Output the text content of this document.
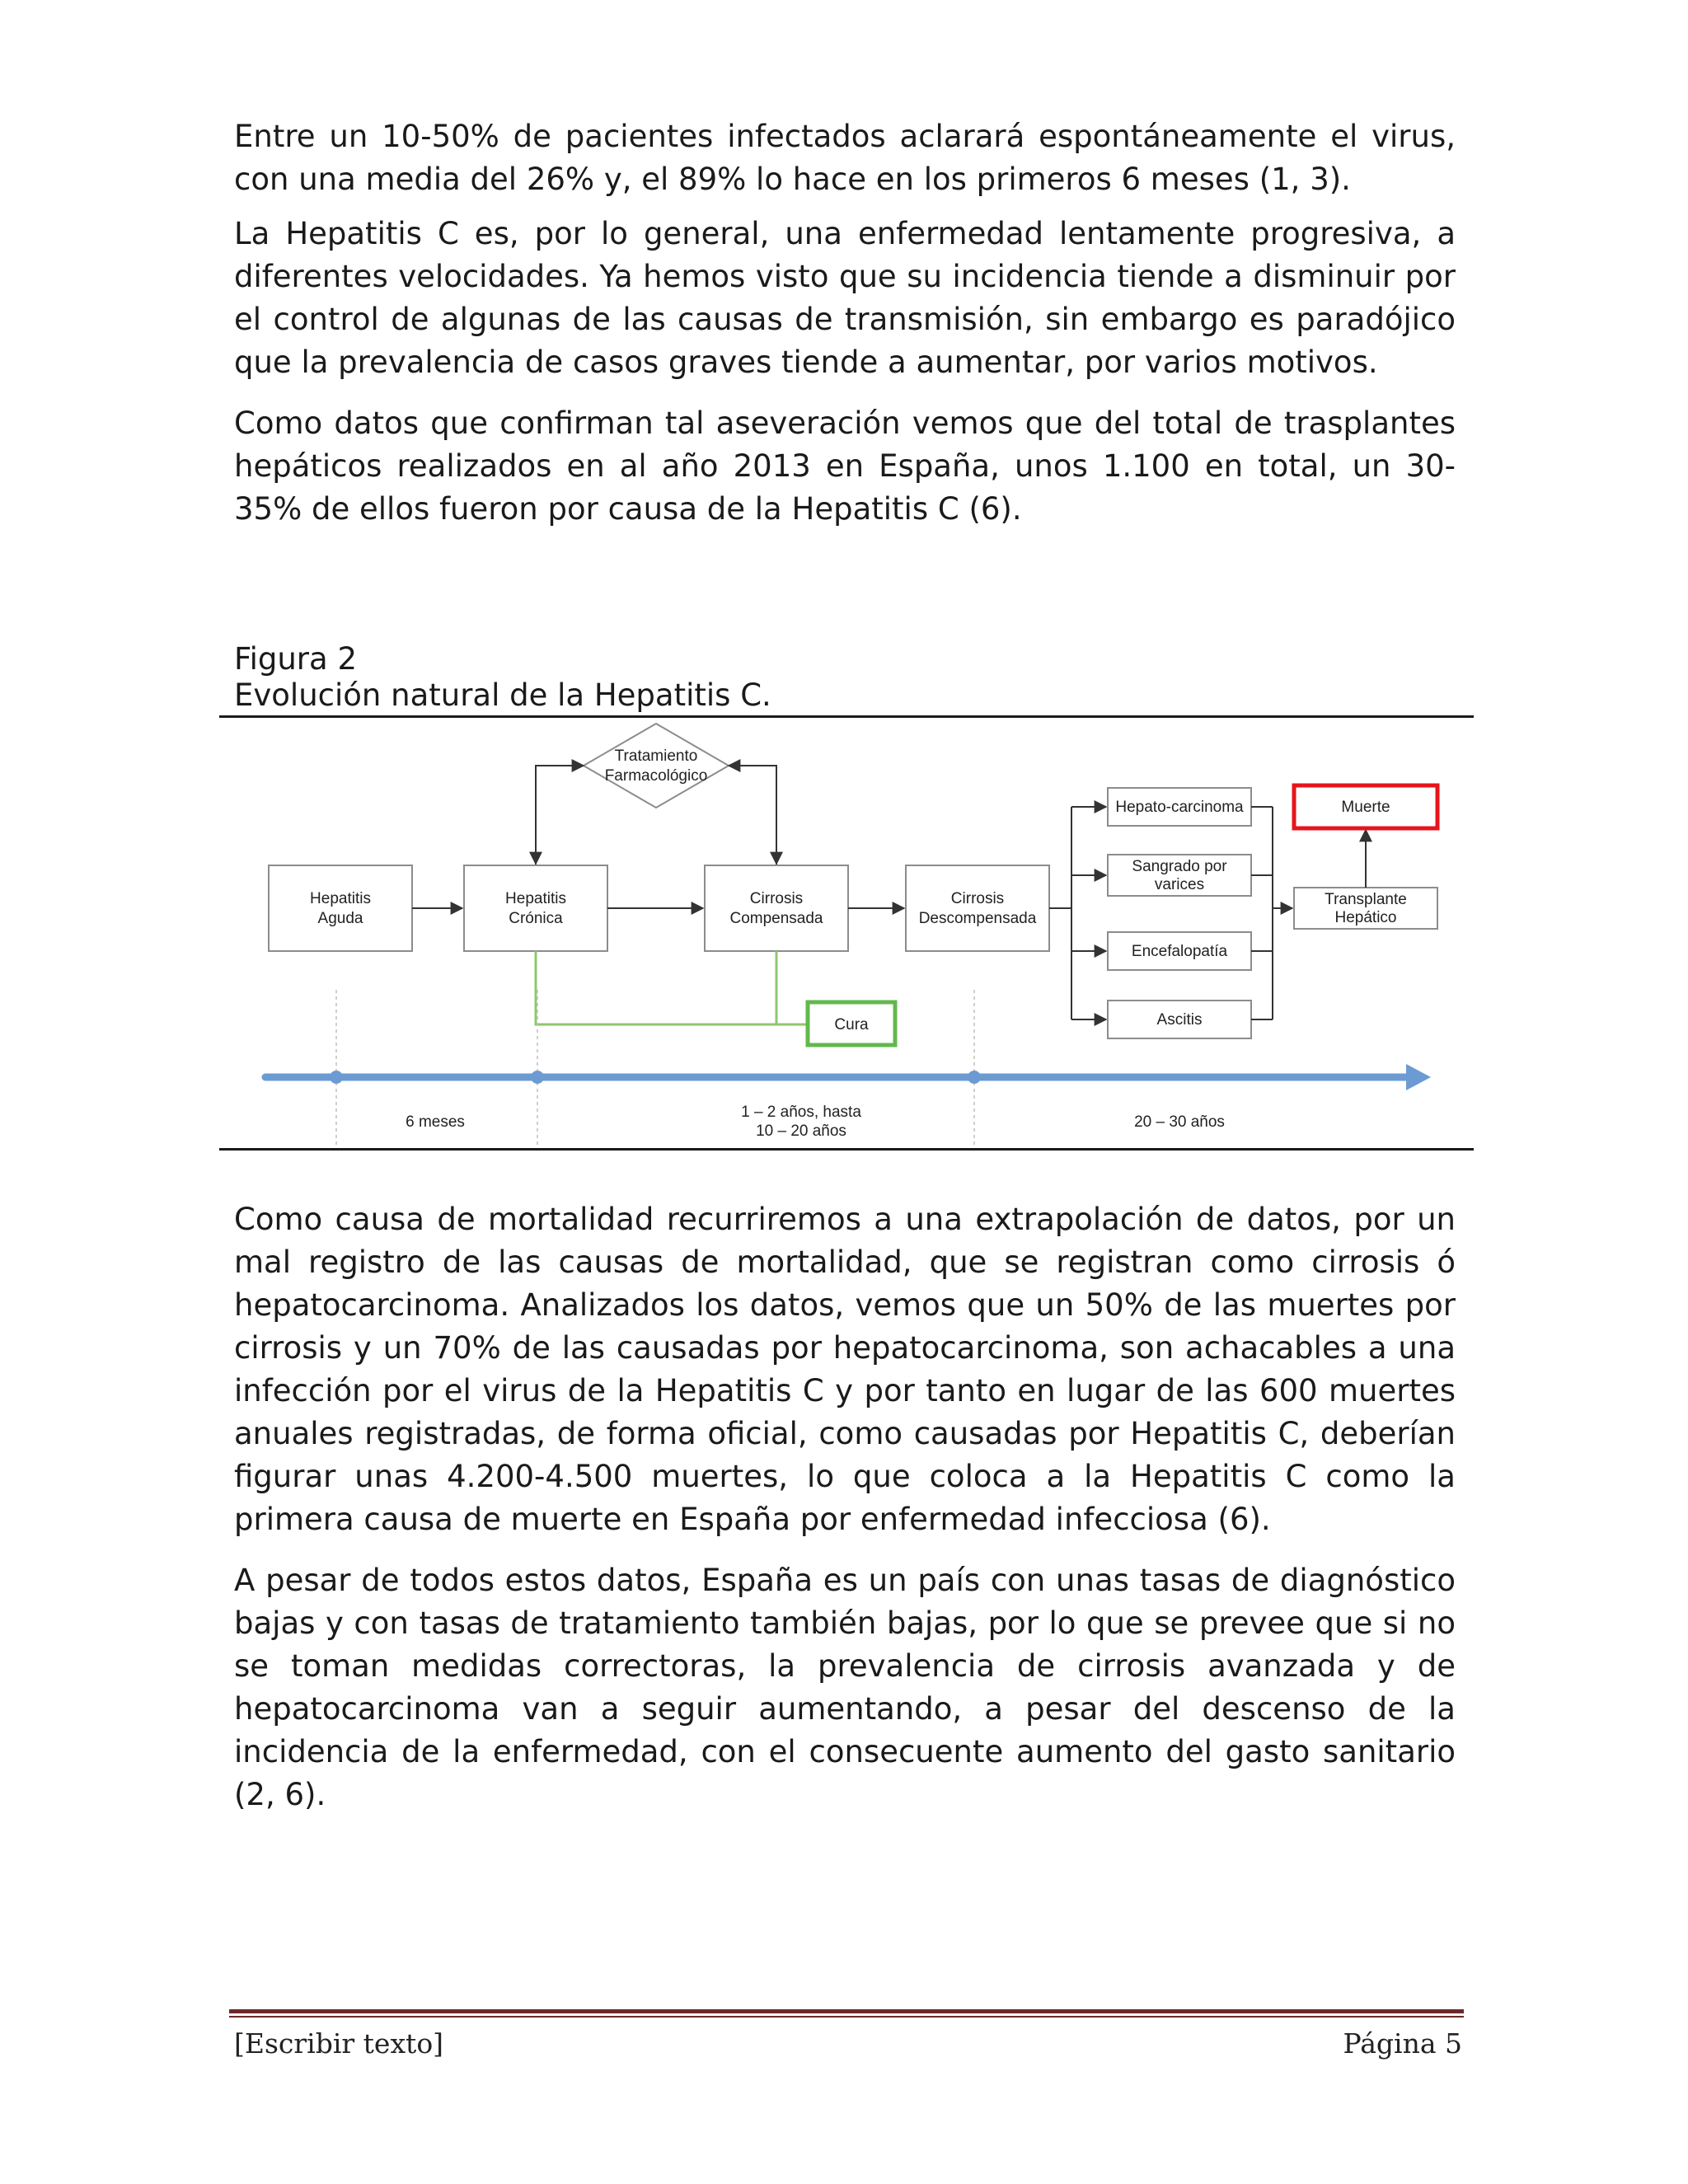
Entre un 10-50% de pacientes infectados aclarará espontáneamente el virus, con una media del 26% y, el 89% lo hace en los primeros 6 meses (1, 3).

La Hepatitis C es, por lo general, una enfermedad lentamente progresiva, a diferentes velocidades. Ya hemos visto que su incidencia tiende a disminuir por el control de algunas de las causas de transmisión, sin embargo es paradójico que la prevalencia de casos graves tiende a aumentar, por varios motivos.

Como datos que confirman tal aseveración vemos que del total de trasplantes hepáticos realizados en al año 2013 en España, unos 1.100 en total, un 30-35% de ellos fueron por causa de la Hepatitis C (6).

Figura 2

Evolución natural de la Hepatitis C.

Tratamiento
Farmacológico
Hepatitis
Aguda
Hepatitis
Crónica
Cirrosis
Compensada
Cirrosis
Descompensada
Hepato-carcinoma
Sangrado por
varices
Encefalopatía
Ascitis
Transplante
Hepático
Muerte
Cura
6 meses
1 – 2 años, hasta
10 – 20 años
20 – 30 años

Como causa de mortalidad recurriremos a una extrapolación de datos, por un mal registro de las causas de mortalidad, que se registran como cirrosis ó hepatocarcinoma. Analizados los datos, vemos que un 50% de las muertes por cirrosis y un 70% de las causadas por hepatocarcinoma, son achacables a una infección por el virus de la Hepatitis C y por tanto en lugar de las 600 muertes anuales registradas, de forma oficial, como causadas por Hepatitis C, deberían figurar unas 4.200-4.500 muertes, lo que coloca a la Hepatitis C como la primera causa de muerte en España por enfermedad infecciosa (6).

A pesar de todos estos datos, España es un país con unas tasas de diagnóstico bajas y con tasas de tratamiento también bajas, por lo que se prevee que si no se toman medidas correctoras, la prevalencia de cirrosis avanzada y de hepatocarcinoma van a seguir aumentando, a pesar del descenso de la incidencia de la enfermedad, con el consecuente aumento del gasto sanitario (2, 6).

[Escribir texto]	Página 5
